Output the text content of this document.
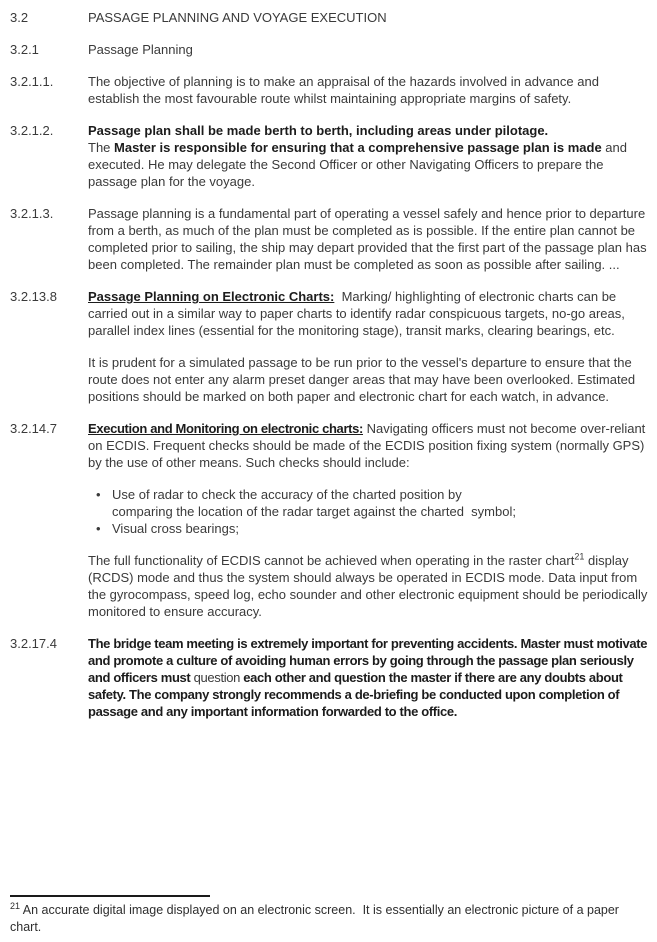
3.2	PASSAGE PLANNING AND VOYAGE EXECUTION
3.2.1	Passage Planning
3.2.1.1.	The objective of planning is to make an appraisal of the hazards involved in advance and establish the most favourable route whilst maintaining appropriate margins of safety.
3.2.1.2.	Passage plan shall be made berth to berth, including areas under pilotage.
The Master is responsible for ensuring that a comprehensive passage plan is made and executed. He may delegate the Second Officer or other Navigating Officers to prepare the passage plan for the voyage.
3.2.1.3.	Passage planning is a fundamental part of operating a vessel safely and hence prior to departure from a berth, as much of the plan must be completed as is possible. If the entire plan cannot be completed prior to sailing, the ship may depart provided that the first part of the passage plan has been completed. The remainder plan must be completed as soon as possible after sailing. ...
3.2.13.8	Passage Planning on Electronic Charts:  Marking/ highlighting of electronic charts can be carried out in a similar way to paper charts to identify radar conspicuous targets, no-go areas, parallel index lines (essential for the monitoring stage), transit marks, clearing bearings, etc.
It is prudent for a simulated passage to be run prior to the vessel's departure to ensure that the route does not enter any alarm preset danger areas that may have been overlooked. Estimated positions should be marked on both paper and electronic chart for each watch, in advance.
3.2.14.7	Execution and Monitoring on electronic charts: Navigating officers must not become over-reliant on ECDIS. Frequent checks should be made of the ECDIS position fixing system (normally GPS) by the use of other means. Such checks should include:
• Use of radar to check the accuracy of the charted position by
comparing the location of the radar target against the charted  symbol;
• Visual cross bearings;
The full functionality of ECDIS cannot be achieved when operating in the raster chart$^{21}$ display (RCDS) mode and thus the system should always be operated in ECDIS mode. Data input from the gyrocompass, speed log, echo sounder and other electronic equipment should be periodically monitored to ensure accuracy.
3.2.17.4	The bridge team meeting is extremely important for preventing accidents. Master must motivate and promote a culture of avoiding human errors by going through the passage plan seriously and officers must question each other and question the master if there are any doubts about safety. The company strongly recommends a de-briefing be conducted upon completion of passage and any important information forwarded to the office.
$^{21}$ An accurate digital image displayed on an electronic screen.  It is essentially an electronic picture of a paper chart.
